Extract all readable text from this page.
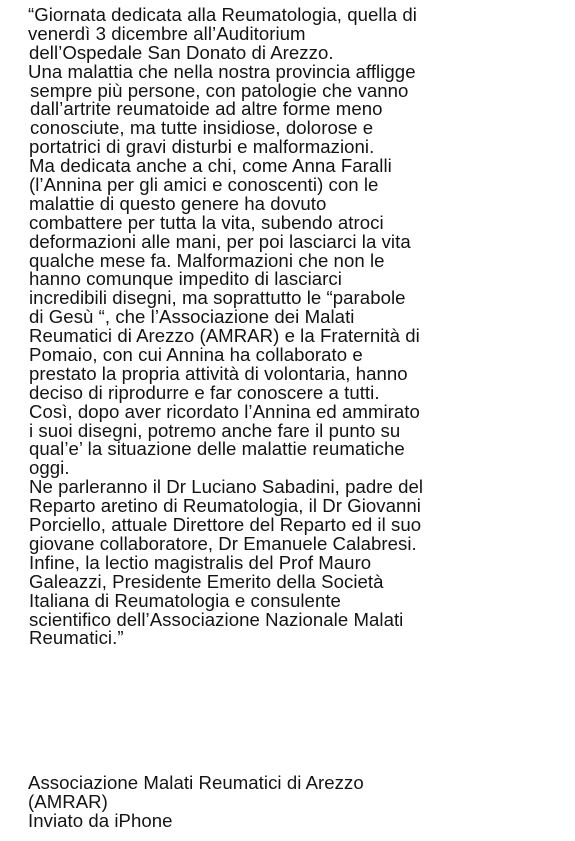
“Giornata dedicata alla Reumatologia, quella di
venerdì 3 dicembre all’Auditorium
dell’Ospedale San Donato di Arezzo.
Una malattia che nella nostra provincia affligge
sempre più persone, con patologie che vanno
dall’artrite reumatoide ad altre forme meno
conosciute, ma tutte insidiose, dolorose e
portatrici di gravi disturbi e malformazioni.
Ma dedicata anche a chi, come Anna Faralli
(l’Annina per gli amici e conoscenti) con le
malattie di questo genere ha dovuto
combattere per tutta la vita, subendo atroci
deformazioni alle mani, per poi lasciarci la vita
qualche mese fa. Malformazioni che non le
hanno comunque impedito di lasciarci
incredibili disegni, ma soprattutto le “parabole
di Gesù “, che l’Associazione dei Malati
Reumatici di Arezzo (AMRAR) e la Fraternità di
Pomaio, con cui Annina ha collaborato e
prestato la propria attività di volontaria, hanno
deciso di riprodurre e far conoscere a tutti.
Così, dopo aver ricordato l’Annina ed ammirato
i suoi disegni, potremo anche fare il punto su
qual’e’ la situazione delle malattie reumatiche
oggi.
Ne parleranno il Dr Luciano Sabadini, padre del
Reparto aretino di Reumatologia, il Dr Giovanni
Porciello, attuale Direttore del Reparto ed il suo
giovane collaboratore, Dr Emanuele Calabresi.
Infine, la lectio magistralis del Prof Mauro
Galeazzi, Presidente Emerito della Società
Italiana di Reumatologia e consulente
scientifico dell’Associazione Nazionale Malati
Reumatici.”
Associazione Malati Reumatici di Arezzo
(AMRAR)
Inviato da iPhone
